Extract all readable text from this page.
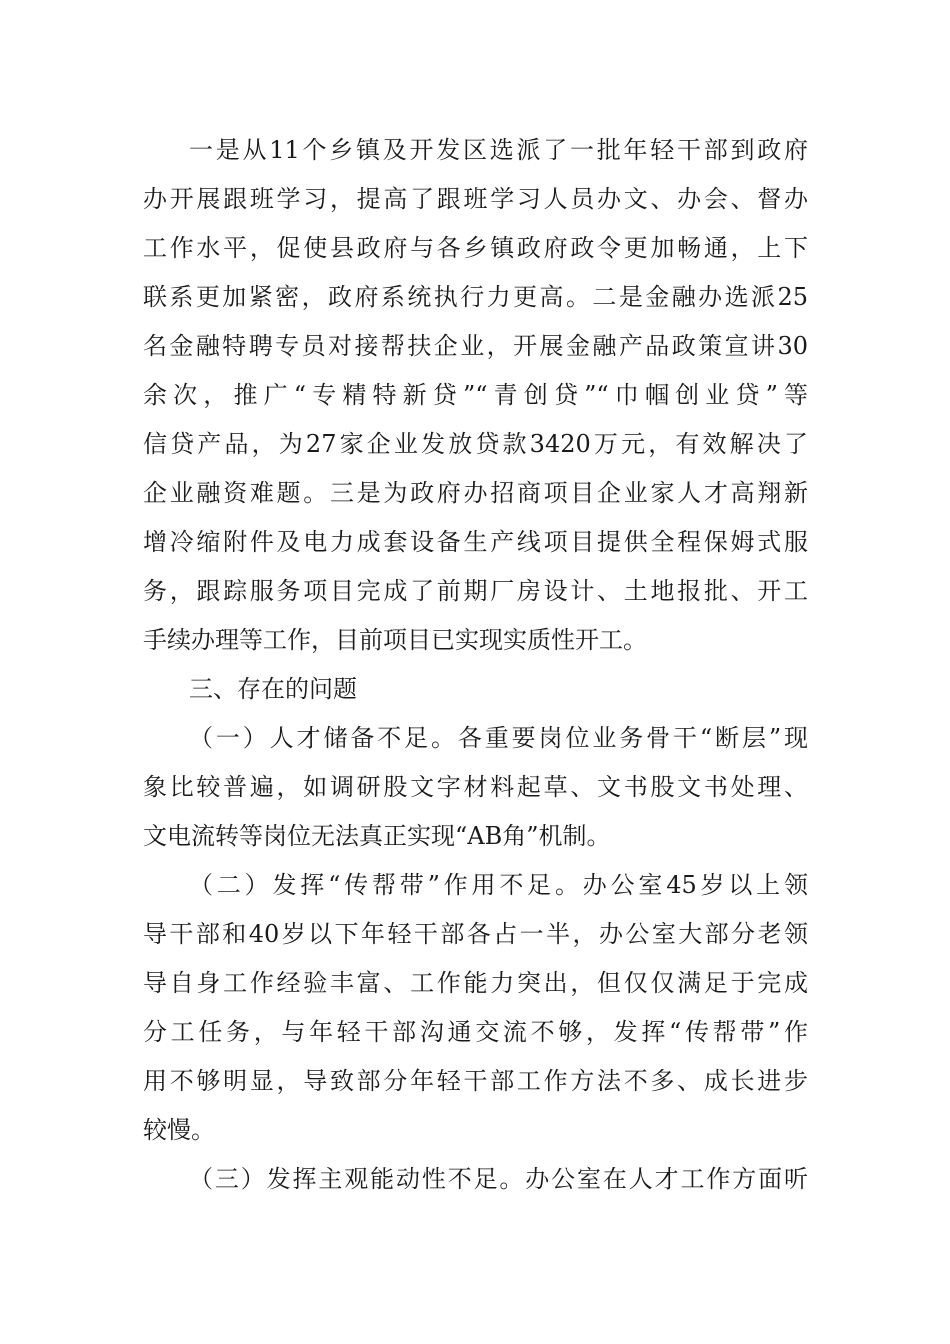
一是从11个乡镇及开发区选派了一批年轻干部到政府
办开展跟班学习，提高了跟班学习人员办文、办会、督办
工作水平，促使县政府与各乡镇政府政令更加畅通，上下
联系更加紧密，政府系统执行力更高。二是金融办选派25
名金融特聘专员对接帮扶企业，开展金融产品政策宣讲30
余次，推广“专精特新贷”“青创贷”“巾帼创业贷”等
信贷产品，为27家企业发放贷款3420万元，有效解决了
企业融资难题。三是为政府办招商项目企业家人才高翔新
增冷缩附件及电力成套设备生产线项目提供全程保姆式服
务，跟踪服务项目完成了前期厂房设计、土地报批、开工
手续办理等工作，目前项目已实现实质性开工。
三、存在的问题
（一）人才储备不足。各重要岗位业务骨干“断层”现
象比较普遍，如调研股文字材料起草、文书股文书处理、
文电流转等岗位无法真正实现“AB角”机制。
（二）发挥“传帮带”作用不足。办公室45岁以上领
导干部和40岁以下年轻干部各占一半，办公室大部分老领
导自身工作经验丰富、工作能力突出，但仅仅满足于完成
分工任务，与年轻干部沟通交流不够，发挥“传帮带”作
用不够明显，导致部分年轻干部工作方法不多、成长进步
较慢。
（三）发挥主观能动性不足。办公室在人才工作方面听
